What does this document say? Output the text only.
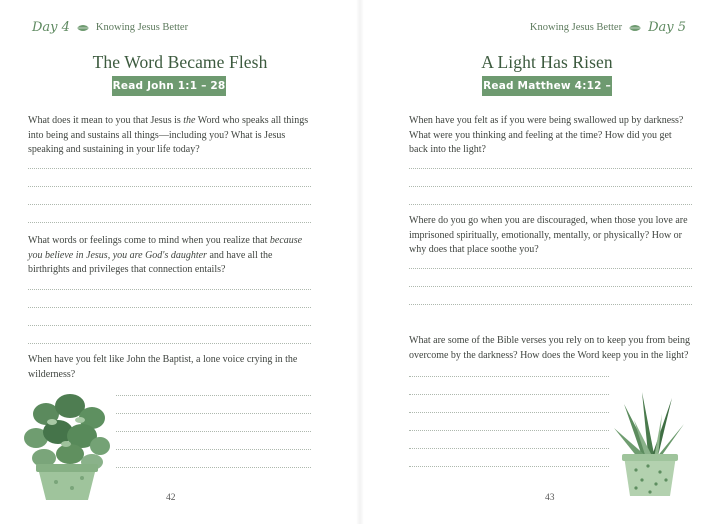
Day 4 Knowing Jesus Better
The Word Became Flesh
Read John 1:1 – 28
What does it mean to you that Jesus is the Word who speaks all things into being and sustains all things—including you? What is Jesus speaking and sustaining in your life today?
What words or feelings come to mind when you realize that because you believe in Jesus, you are God's daughter and have all the birthrights and privileges that connection entails?
When have you felt like John the Baptist, a lone voice crying in the wilderness?
42
Knowing Jesus Better Day 5
A Light Has Risen
Read Matthew 4:12 – 17
When have you felt as if you were being swallowed up by darkness? What were you thinking and feeling at the time? How did you get back into the light?
Where do you go when you are discouraged, when those you love are imprisoned spiritually, emotionally, mentally, or physically? How or why does that place soothe you?
What are some of the Bible verses you rely on to keep you from being overcome by the darkness? How does the Word keep you in the light?
43
